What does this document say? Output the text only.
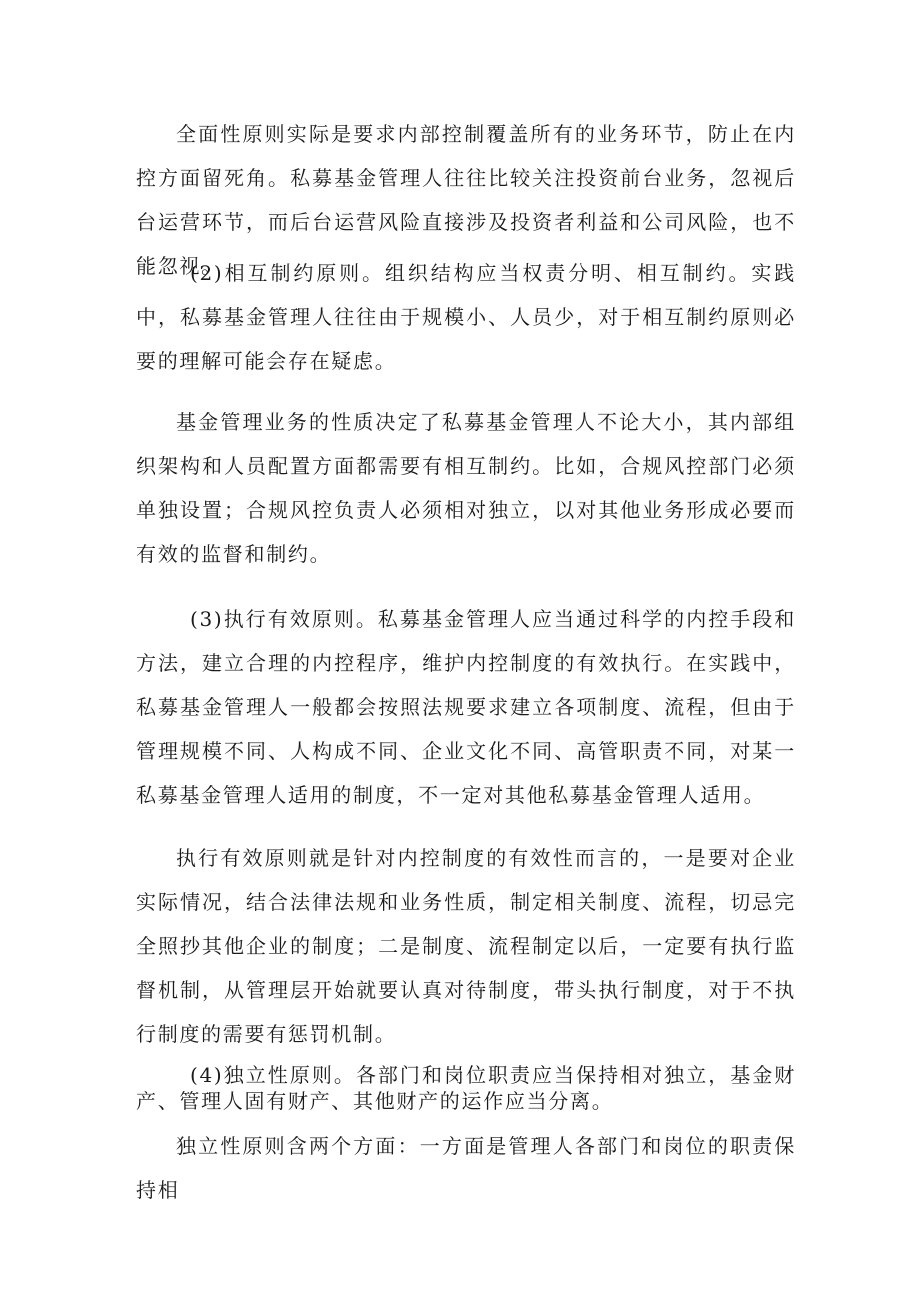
全面性原则实际是要求内部控制覆盖所有的业务环节，防止在内控方面留死角。私募基金管理人往往比较关注投资前台业务，忽视后台运营环节，而后台运营风险直接涉及投资者利益和公司风险，也不能忽视。

(2)相互制约原则。组织结构应当权责分明、相互制约。实践中，私募基金管理人往往由于规模小、人员少，对于相互制约原则必要的理解可能会存在疑虑。

基金管理业务的性质决定了私募基金管理人不论大小，其内部组织架构和人员配置方面都需要有相互制约。比如，合规风控部门必须单独设置；合规风控负责人必须相对独立，以对其他业务形成必要而有效的监督和制约。

(3)执行有效原则。私募基金管理人应当通过科学的内控手段和方法，建立合理的内控程序，维护内控制度的有效执行。在实践中，私募基金管理人一般都会按照法规要求建立各项制度、流程，但由于管理规模不同、人构成不同、企业文化不同、高管职责不同，对某一私募基金管理人适用的制度，不一定对其他私募基金管理人适用。

执行有效原则就是针对内控制度的有效性而言的，一是要对企业实际情况，结合法律法规和业务性质，制定相关制度、流程，切忌完全照抄其他企业的制度；二是制度、流程制定以后，一定要有执行监督机制，从管理层开始就要认真对待制度，带头执行制度，对于不执行制度的需要有惩罚机制。

(4)独立性原则。各部门和岗位职责应当保持相对独立，基金财产、管理人固有财产、其他财产的运作应当分离。

独立性原则含两个方面：一方面是管理人各部门和岗位的职责保持相
